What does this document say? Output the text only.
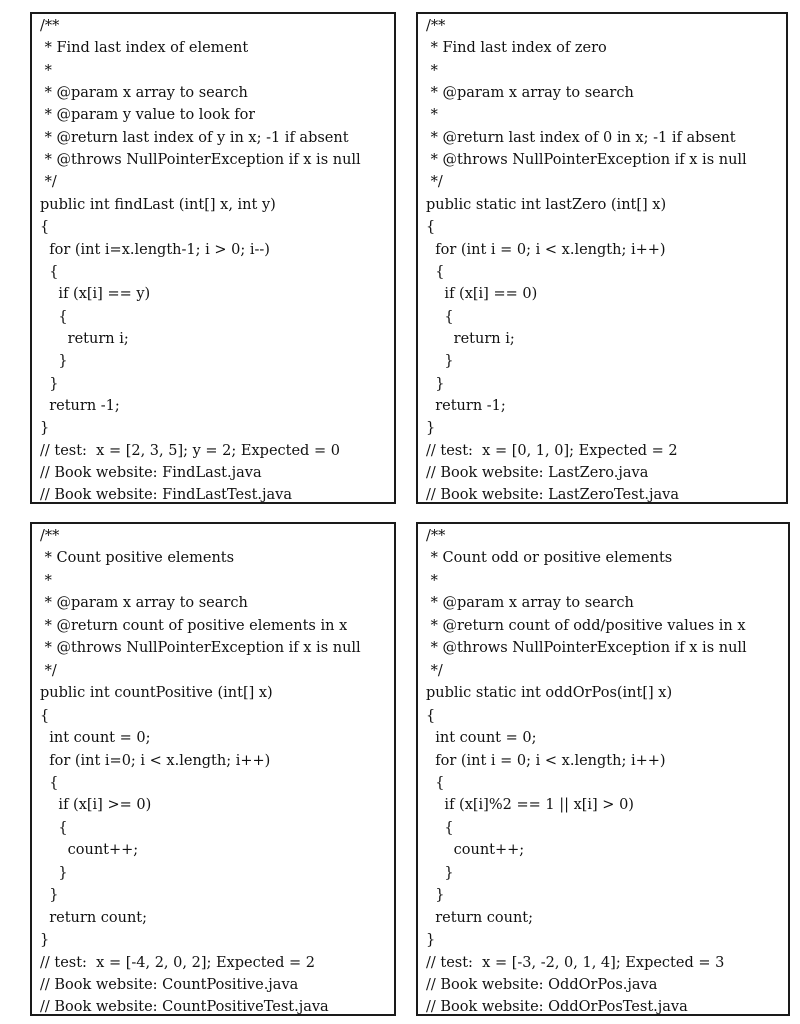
/**
* Find last index of element
*
* @param x array to search
* @param y value to look for
* @return last index of y in x; -1 if absent
* @throws NullPointerException if x is null
*/
public int findLast (int[] x, int y)
{
for (int i=x.length-1; i > 0; i--)
{
if (x[i] == y)
{
return i;
}
}
return -1;
}
// test:  x = [2, 3, 5]; y = 2; Expected = 0
// Book website: FindLast.java
// Book website: FindLastTest.java
/**
* Find last index of zero
*
* @param x array to search
*
* @return last index of 0 in x; -1 if absent
* @throws NullPointerException if x is null
*/
public static int lastZero (int[] x)
{
for (int i = 0; i < x.length; i++)
{
if (x[i] == 0)
{
return i;
}
}
return -1;
}
// test:  x = [0, 1, 0]; Expected = 2
// Book website: LastZero.java
// Book website: LastZeroTest.java
/**
* Count positive elements
*
* @param x array to search
* @return count of positive elements in x
* @throws NullPointerException if x is null
*/
public int countPositive (int[] x)
{
int count = 0;
for (int i=0; i < x.length; i++)
{
if (x[i] >= 0)
{
count++;
}
}
return count;
}
// test:  x = [-4, 2, 0, 2]; Expected = 2
// Book website: CountPositive.java
// Book website: CountPositiveTest.java
/**
* Count odd or positive elements
*
* @param x array to search
* @return count of odd/positive values in x
* @throws NullPointerException if x is null
*/
public static int oddOrPos(int[] x)
{
int count = 0;
for (int i = 0; i < x.length; i++)
{
if (x[i]%2 == 1 || x[i] > 0)
{
count++;
}
}
return count;
}
// test:  x = [-3, -2, 0, 1, 4]; Expected = 3
// Book website: OddOrPos.java
// Book website: OddOrPosTest.java
